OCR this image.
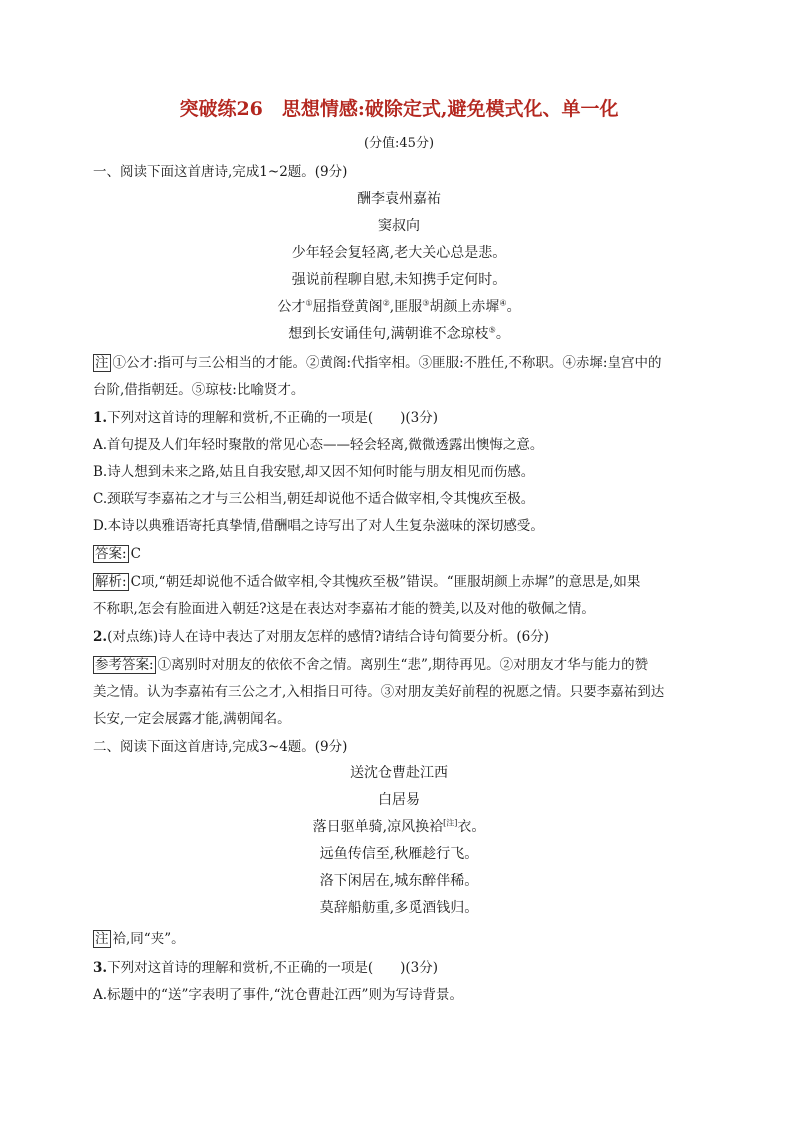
突破练26　思想情感:破除定式,避免模式化、单一化
(分值:45分)
一、阅读下面这首唐诗,完成1~2题。(9分)
酬李袁州嘉祐
窦叔向
少年轻会复轻离,老大关心总是悲。
强说前程聊自慰,未知携手定何时。
公才①屈指登黄阁②,匪服③胡颜上赤墀④。
想到长安诵佳句,满朝谁不念琼枝⑤。
注 ①公才:指可与三公相当的才能。②黄阁:代指宰相。③匪服:不胜任,不称职。④赤墀:皇宫中的
台阶,借指朝廷。⑤琼枝:比喻贤才。
1.下列对这首诗的理解和赏析,不正确的一项是(　　)(3分)
A.首句提及人们年轻时聚散的常见心态——轻会轻离,微微透露出懊悔之意。
B.诗人想到未来之路,姑且自我安慰,却又因不知何时能与朋友相见而伤感。
C.颈联写李嘉祐之才与三公相当,朝廷却说他不适合做宰相,令其愧疚至极。
D.本诗以典雅语寄托真挚情,借酬唱之诗写出了对人生复杂滋味的深切感受。
答案: C
解析: C项,“朝廷却说他不适合做宰相,令其愧疚至极”错误。“匪服胡颜上赤墀”的意思是,如果
不称职,怎会有脸面进入朝廷?这是在表达对李嘉祐才能的赞美,以及对他的敬佩之情。
2.(对点练)诗人在诗中表达了对朋友怎样的感情?请结合诗句简要分析。(6分)
参考答案: ①离别时对朋友的依依不舍之情。离别生“悲”,期待再见。②对朋友才华与能力的赞
美之情。认为李嘉祐有三公之才,入相指日可待。③对朋友美好前程的祝愿之情。只要李嘉祐到达
长安,一定会展露才能,满朝闻名。
二、阅读下面这首唐诗,完成3~4题。(9分)
送沈仓曹赴江西
白居易
落日驱单骑,凉风换袷[注]衣。
远鱼传信至,秋雁趁行飞。
洛下闲居在,城东醉伴稀。
莫辞船舫重,多觅酒钱归。
注 袷,同“夹”。
3.下列对这首诗的理解和赏析,不正确的一项是(　　)(3分)
A.标题中的“送”字表明了事件,“沈仓曹赴江西”则为写诗背景。
